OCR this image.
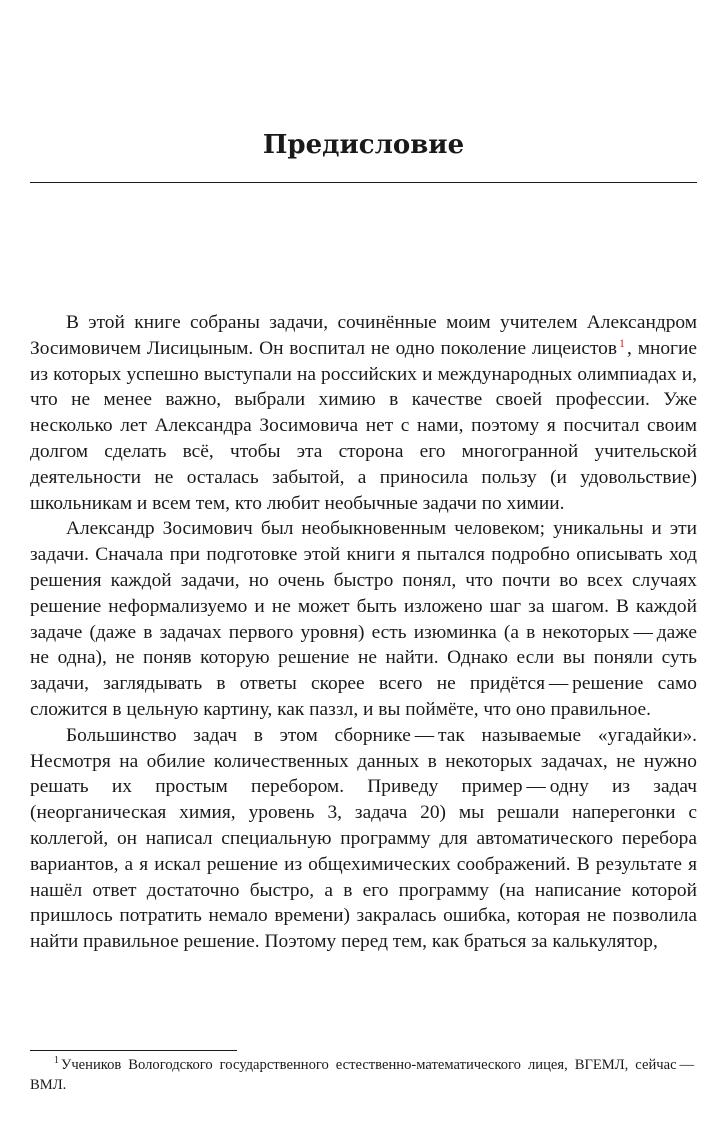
Предисловие

В этой книге собраны задачи, сочинённые моим учителем Александром Зосимовичем Лисицыным. Он воспитал не одно поколение лицеистов $^1$ , многие из которых успешно выступали на российских и международных олимпиадах и, что не менее важно, выбрали химию в качестве своей профессии. Уже несколько лет Александра Зосимовича нет с нами, поэтому я посчитал своим долгом сделать всё, чтобы эта сторона его многогранной учительской деятельности не осталась забытой, а приносила пользу (и удовольствие) школьникам и всем тем, кто любит необычные задачи по химии.

Александр Зосимович был необыкновенным человеком; уникальны и эти задачи. Сначала при подготовке этой книги я пытался подробно описывать ход решения каждой задачи, но очень быстро понял, что почти во всех случаях решение неформализуемо и не может быть изложено шаг за шагом. В каждой задаче (даже в задачах первого уровня) есть изюминка (а в некоторых — даже не одна), не поняв которую решение не найти. Однако если вы поняли суть задачи, заглядывать в ответы скорее всего не придётся — решение само сложится в цельную картину, как паззл, и вы поймёте, что оно правильное.

Большинство задач в этом сборнике — так называемые «угадайки». Несмотря на обилие количественных данных в некоторых задачах, не нужно решать их простым перебором. Приведу пример — одну из задач (неорганическая химия, уровень 3, задача 20) мы решали наперегонки с коллегой, он написал специальную программу для автоматического перебора вариантов, а я искал решение из общехимических соображений. В результате я нашёл ответ достаточно быстро, а в его программу (на написание которой пришлось потратить немало времени) закралась ошибка, которая не позволила найти правильное решение. Поэтому перед тем, как браться за калькулятор,

$^1$ Учеников Вологодского государственного естественно-математического лицея, ВГЕМЛ, сейчас — ВМЛ.
